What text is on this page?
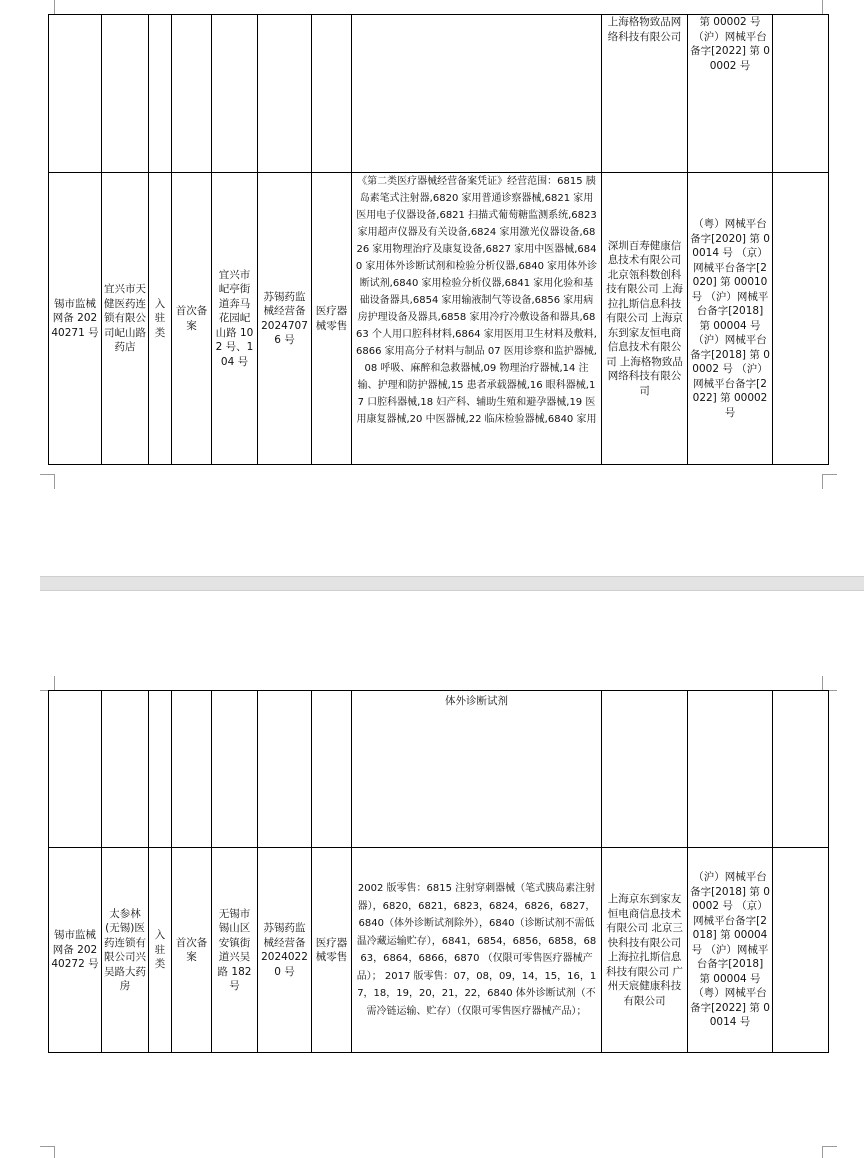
								上海格物致品网络科技有限公司	第 00002 号
（沪）网械平台备字[2022] 第 00002 号	

锡市监械网备 20240271 号	宜兴市天健医药连锁有限公司屺山路药店	入驻类	首次备案	宜兴市屺亭街道奔马花园屺山路 102 号、104 号	苏锡药监械经营备 20247076 号	医疗器械零售	《第二类医疗器械经营备案凭证》经营范围：6815 胰岛素笔式注射器,6820 家用普通诊察器械,6821 家用医用电子仪器设备,6821 扫描式葡萄糖监测系统,6823 家用超声仪器及有关设备,6824 家用激光仪器设备,6826 家用物理治疗及康复设备,6827 家用中医器械,6840 家用体外诊断试剂和检验分析仪器,6840 家用体外诊断试剂,6840 家用检验分析仪器,6841 家用化验和基础设备器具,6854 家用输液制气等设备,6856 家用病房护理设备及器具,6858 家用冷疗冷敷设备和器具,6863 个人用口腔科材料,6864 家用医用卫生材料及敷料,6866 家用高分子材料与制品 07 医用诊察和监护器械,08 呼吸、麻醉和急救器械,09 物理治疗器械,14 注输、护理和防护器械,15 患者承载器械,16 眼科器械,17 口腔科器械,18 妇产科、辅助生殖和避孕器械,19 医用康复器械,20 中医器械,22 临床检验器械,6840 家用	深圳百寿健康信息技术有限公司 北京瓴科数创科技有限公司 上海拉扎斯信息科技有限公司 上海京东到家友恒电商信息技术有限公司 上海格物致品网络科技有限公司	（粤）网械平台备字[2020] 第 00014 号 （京）网械平台备字[2020] 第 00010 号 （沪）网械平台备字[2018] 第 00004 号 （沪）网械平台备字[2018] 第 00002 号 （沪）网械平台备字[2022] 第 00002 号	
							体外诊断试剂			
锡市监械网备 20240272 号	太参林(无锡)医药连锁有限公司兴吴路大药房	入驻类	首次备案	无锡市锡山区安镇街道兴吴路 182 号	苏锡药监械经营备 20240220 号	医疗器械零售	2002 版零售：6815 注射穿刺器械（笔式胰岛素注射器），6820，6821，6823，6824，6826，6827，6840（体外诊断试剂除外），6840（诊断试剂不需低温冷藏运输贮存），6841，6854，6856，6858，6863，6864，6866，6870 （仅限可零售医疗器械产品）； 2017 版零售：07，08，09，14，15，16，17，18，19，20，21，22，6840 体外诊断试剂（不需冷链运输、贮存）（仅限可零售医疗器械产品）；	上海京东到家友恒电商信息技术有限公司 北京三快科技有限公司 上海拉扎斯信息科技有限公司 广州天宸健康科技有限公司	（沪）网械平台备字[2018] 第 00002 号 （京）网械平台备字[2018] 第 00004 号 （沪）网械平台备字[2018] 第 00004 号 （粤）网械平台备字[2022] 第 00014 号	
